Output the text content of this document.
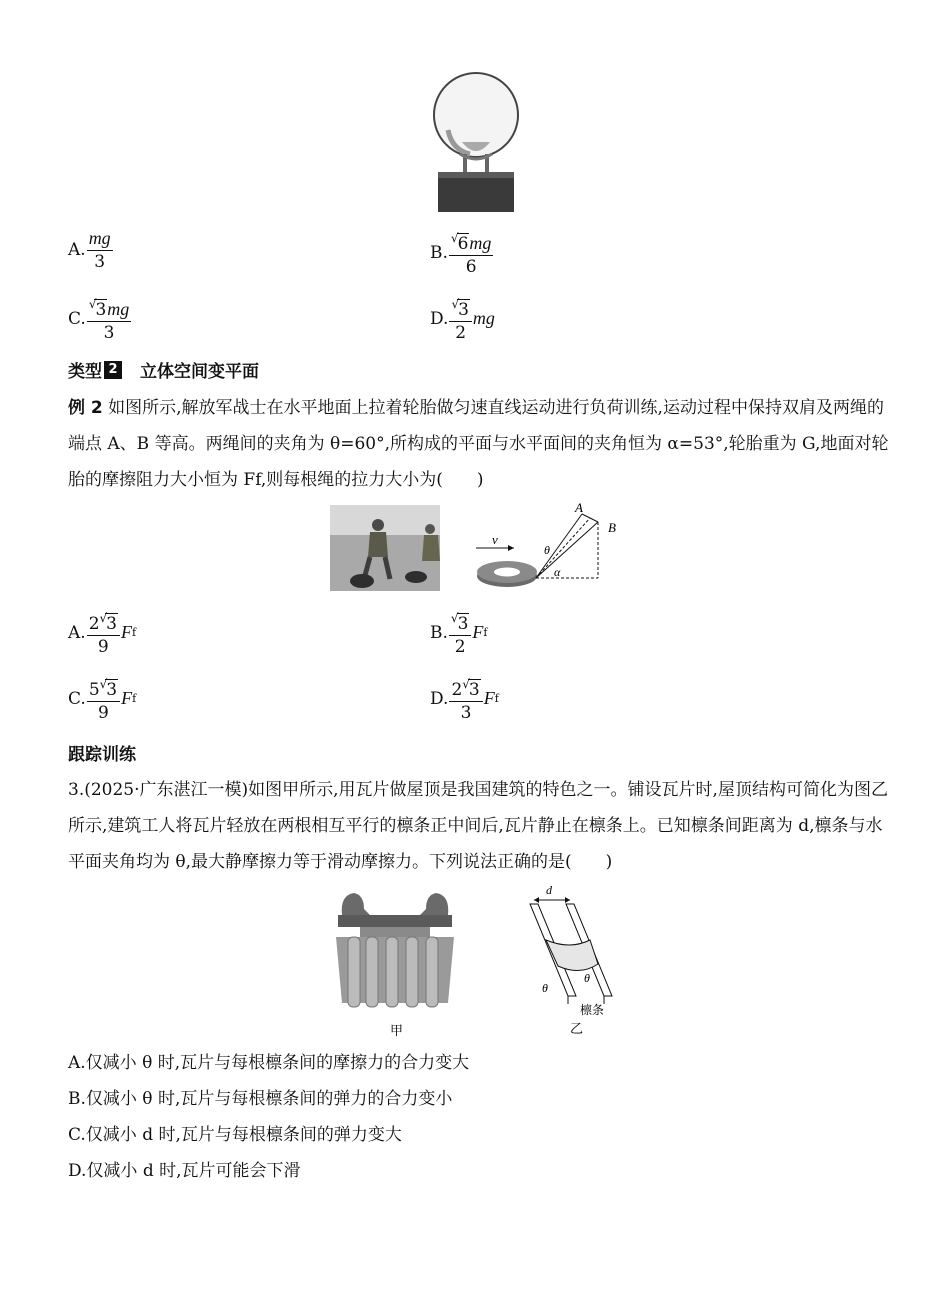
A. $\frac{mg}{3}$	B. $\frac{^√6mg}{6}$
C. $\frac{^√3mg}{3}$	D. $\frac{^√3}{2}$ mg
类型 2 立体空间变平面
例 2 如图所示,解放军战士在水平地面上拉着轮胎做匀速直线运动进行负荷训练,运动过程中保持双肩及两绳的端点 A、B 等高。两绳间的夹角为 θ=60°,所构成的平面与水平面间的夹角恒为 α=53°,轮胎重为 G,地面对轮胎的摩擦阻力大小恒为 Ff,则每根绳的拉力大小为(　　)
v
A
B
θ
α
A. $\frac{2^√3}{9}$ F f	B. $\frac{^√3}{2}$ F f
C. $\frac{5^√3}{9}$ F f	D. $\frac{2^√3}{3}$ F f
跟踪训练
3.(2025·广东湛江一模)如图甲所示,用瓦片做屋顶是我国建筑的特色之一。铺设瓦片时,屋顶结构可简化为图乙所示,建筑工人将瓦片轻放在两根相互平行的檩条正中间后,瓦片静止在檩条上。已知檩条间距离为 d,檩条与水平面夹角均为 θ,最大静摩擦力等于滑动摩擦力。下列说法正确的是(　　)
甲
d
θ
θ
檩条
乙
A.仅减小 θ 时,瓦片与每根檩条间的摩擦力的合力变大
B.仅减小 θ 时,瓦片与每根檩条间的弹力的合力变小
C.仅减小 d 时,瓦片与每根檩条间的弹力变大
D.仅减小 d 时,瓦片可能会下滑
